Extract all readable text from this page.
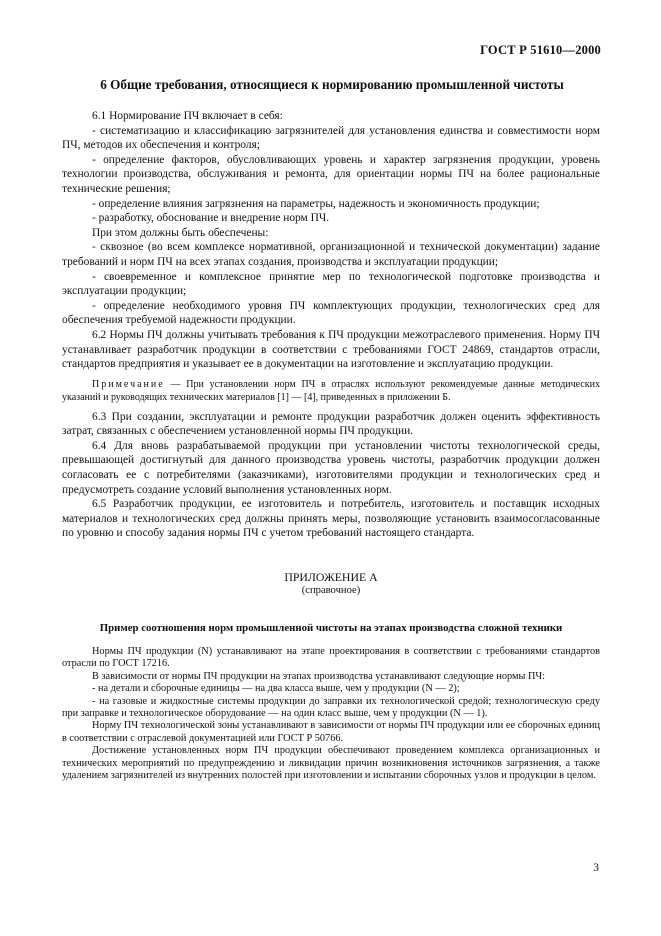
ГОСТ Р 51610—2000
6 Общие требования, относящиеся к нормированию промышленной чистоты

6.1 Нормирование ПЧ включает в себя:

- систематизацию и классификацию загрязнителей для установления единства и совместимости норм ПЧ, методов их обеспечения и контроля;

- определение факторов, обусловливающих уровень и характер загрязнения продукции, уровень технологии производства, обслуживания и ремонта, для ориентации нормы ПЧ на более рациональные технические решения;

- определение влияния загрязнения на параметры, надежность и экономичность продукции;

- разработку, обоснование и внедрение норм ПЧ.

При этом должны быть обеспечены:

- сквозное (во всем комплексе нормативной, организационной и технической документации) задание требований и норм ПЧ на всех этапах создания, производства и эксплуатации продукции;

- своевременное и комплексное принятие мер по технологической подготовке производства и эксплуатации продукции;

- определение необходимого уровня ПЧ комплектующих продукции, технологических сред для обеспечения требуемой надежности продукции.

6.2 Нормы ПЧ должны учитывать требования к ПЧ продукции межотраслевого применения. Норму ПЧ устанавливает разработчик продукции в соответствии с требованиями ГОСТ 24869, стандартов отрасли, стандартов предприятия и указывает ее в документации на изготовление и эксплуатацию продукции.

Примечание — При установлении норм ПЧ в отраслях используют рекомендуемые данные методических указаний и руководящих технических материалов [1] — [4], приведенных в приложении Б.

6.3 При создании, эксплуатации и ремонте продукции разработчик должен оценить эффективность затрат, связанных с обеспечением установленной нормы ПЧ продукции.

6.4 Для вновь разрабатываемой продукции при установлении чистоты технологической среды, превышающей достигнутый для данного производства уровень чистоты, разработчик продукции должен согласовать ее с потребителями (заказчиками), изготовителями продукции и технологических сред и предусмотреть создание условий выполнения установленных норм.

6.5 Разработчик продукции, ее изготовитель и потребитель, изготовитель и поставщик исходных материалов и технологических сред должны принять меры, позволяющие установить взаимосогласованные по уровню и способу задания нормы ПЧ с учетом требований настоящего стандарта.

ПРИЛОЖЕНИЕ А
(справочное)
Пример соотношения норм промышленной чистоты на этапах производства сложной техники

Нормы ПЧ продукции (N) устанавливают на этапе проектирования в соответствии с требованиями стандартов отрасли по ГОСТ 17216.

В зависимости от нормы ПЧ продукции на этапах производства устанавливают следующие нормы ПЧ:

- на детали и сборочные единицы — на два класса выше, чем у продукции (N — 2);

- на газовые и жидкостные системы продукции до заправки их технологической средой; технологическую среду при заправке и технологическое оборудование — на один класс выше, чем у продукции (N — 1).

Норму ПЧ технологической зоны устанавливают в зависимости от нормы ПЧ продукции или ее сборочных единиц в соответствии с отраслевой документацией или ГОСТ Р 50766.

Достижение установленных норм ПЧ продукции обеспечивают проведением комплекса организационных и технических мероприятий по предупреждению и ликвидации причин возникновения источников загрязнения, а также удалением загрязнителей из внутренних полостей при изготовлении и испытании сборочных узлов и продукции в целом.

3
